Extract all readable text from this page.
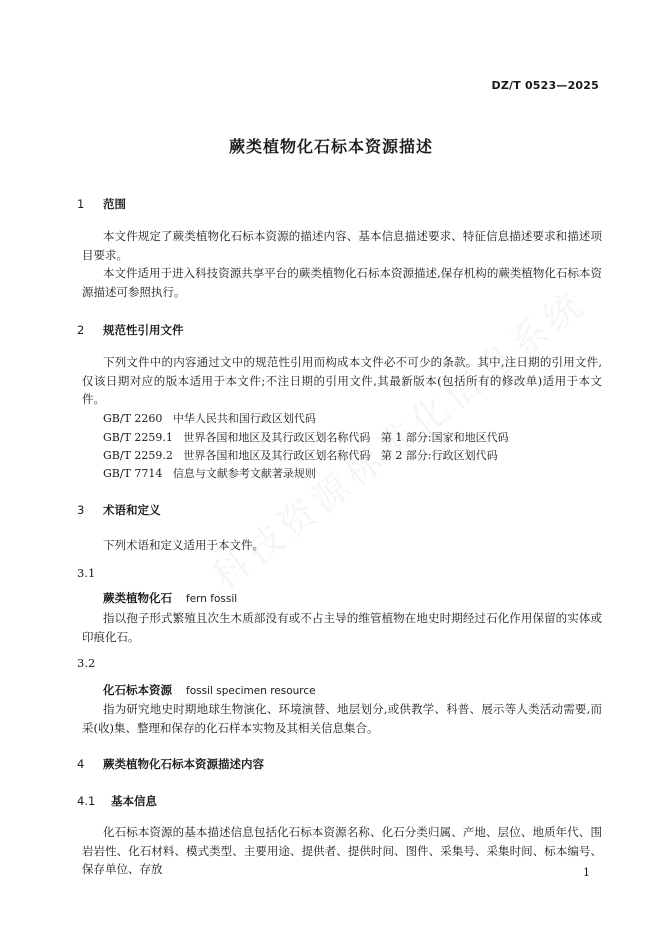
DZ/T 0523—2025
蕨类植物化石标本资源描述
1 范围
本文件规定了蕨类植物化石标本资源的描述内容、基本信息描述要求、特征信息描述要求和描述项目要求。
本文件适用于进入科技资源共享平台的蕨类植物化石标本资源描述,保存机构的蕨类植物化石标本资源描述可参照执行。
2 规范性引用文件
下列文件中的内容通过文中的规范性引用而构成本文件必不可少的条款。其中,注日期的引用文件,仅该日期对应的版本适用于本文件;不注日期的引用文件,其最新版本(包括所有的修改单)适用于本文件。
GB/T 2260   中华人民共和国行政区划代码
GB/T 2259.1   世界各国和地区及其行政区划名称代码   第 1 部分:国家和地区代码
GB/T 2259.2   世界各国和地区及其行政区划名称代码   第 2 部分:行政区划代码
GB/T 7714   信息与文献参考文献著录规则
3 术语和定义
下列术语和定义适用于本文件。
3.1
蕨类植物化石 fern fossil
指以孢子形式繁殖且次生木质部没有或不占主导的维管植物在地史时期经过石化作用保留的实体或印痕化石。
3.2
化石标本资源 fossil specimen resource
指为研究地史时期地球生物演化、环境演替、地层划分,或供教学、科普、展示等人类活动需要,而采(收)集、整理和保存的化石样本实物及其相关信息集合。
4 蕨类植物化石标本资源描述内容
4.1 基本信息
化石标本资源的基本描述信息包括化石标本资源名称、化石分类归属、产地、层位、地质年代、围岩岩性、化石材料、模式类型、主要用途、提供者、提供时间、图件、采集号、采集时间、标本编号、保存单位、存放	1
